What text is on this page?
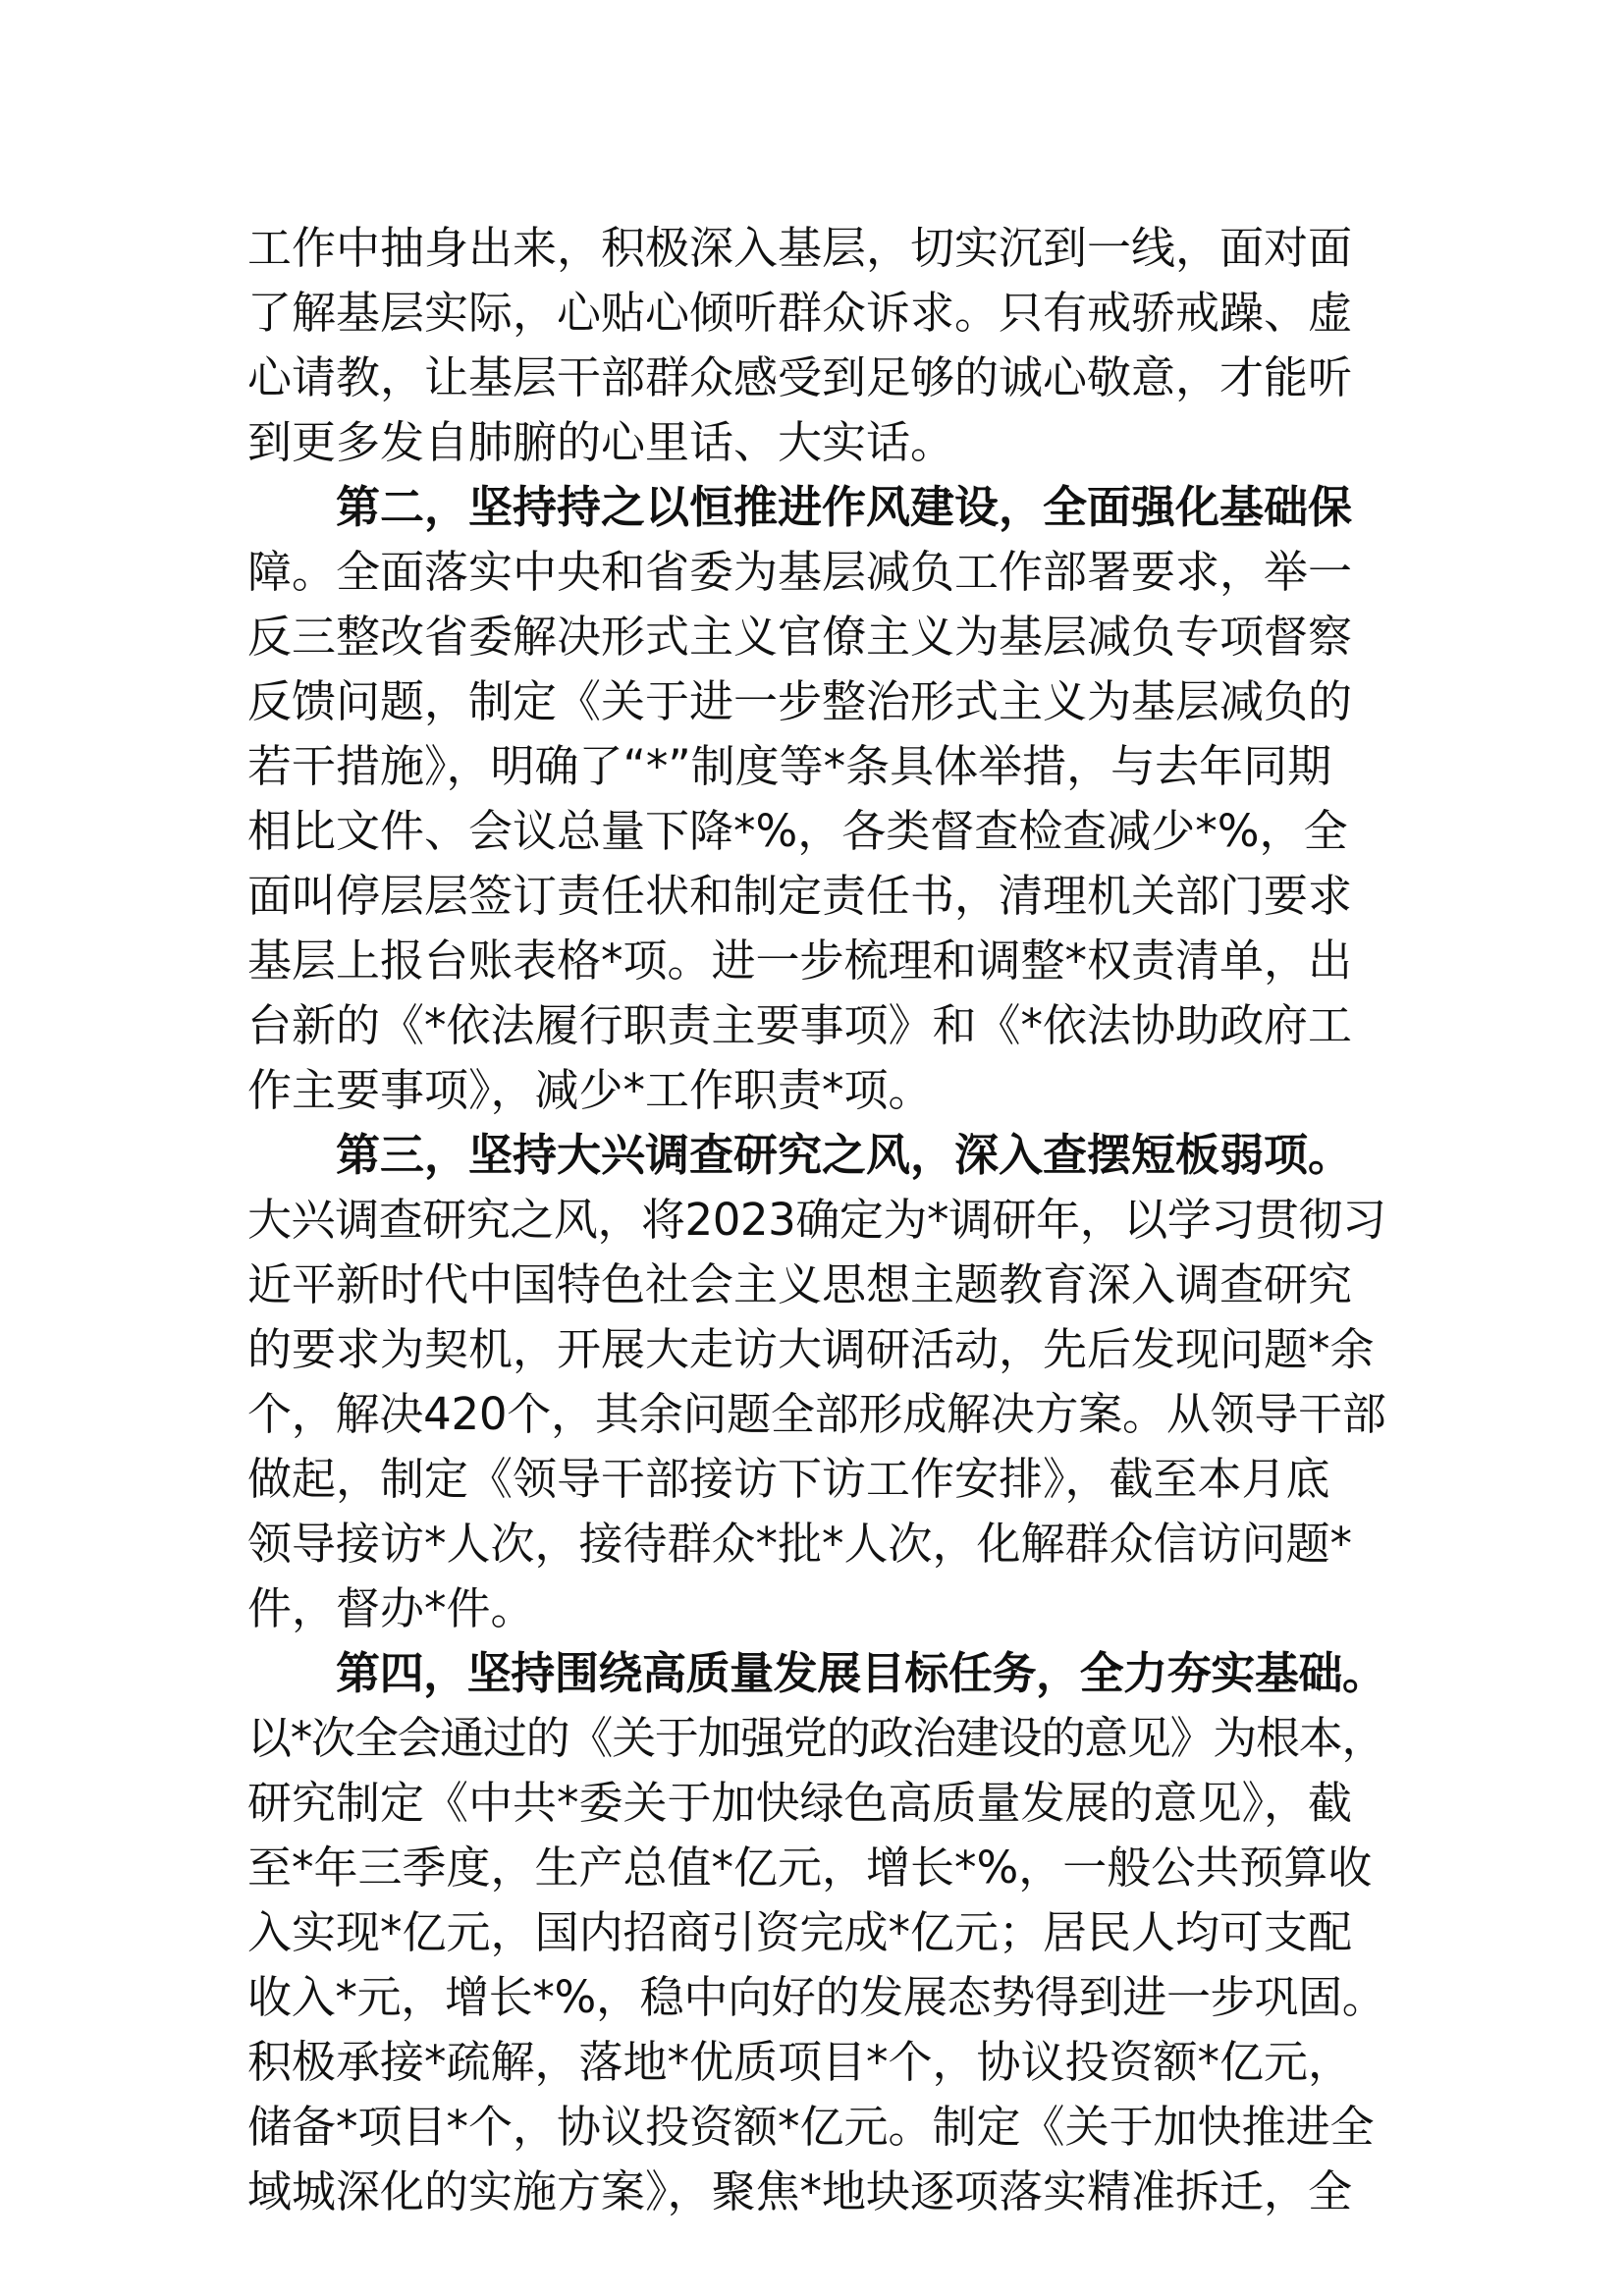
工作中抽身出来，积极深入基层，切实沉到一线，面对面
了解基层实际，心贴心倾听群众诉求。只有戒骄戒躁、虚
心请教，让基层干部群众感受到足够的诚心敬意，才能听
到更多发自肺腑的心里话、大实话。
第二，坚持持之以恒推进作风建设，全面强化基础保
障。全面落实中央和省委为基层减负工作部署要求，举一
反三整改省委解决形式主义官僚主义为基层减负专项督察
反馈问题，制定《关于进一步整治形式主义为基层减负的
若干措施》，明确了“*”制度等*条具体举措，与去年同期
相比文件、会议总量下降*%，各类督查检查减少*%，全
面叫停层层签订责任状和制定责任书，清理机关部门要求
基层上报台账表格*项。进一步梳理和调整*权责清单，出
台新的《*依法履行职责主要事项》和《*依法协助政府工
作主要事项》，减少*工作职责*项。
第三，坚持大兴调查研究之风，深入查摆短板弱项。
大兴调查研究之风，将2023确定为*调研年，以学习贯彻习
近平新时代中国特色社会主义思想主题教育深入调查研究
的要求为契机，开展大走访大调研活动，先后发现问题*余
个，解决420个，其余问题全部形成解决方案。从领导干部
做起，制定《领导干部接访下访工作安排》，截至本月底
领导接访*人次，接待群众*批*人次，化解群众信访问题*
件，督办*件。
第四，坚持围绕高质量发展目标任务，全力夯实基础。
以*次全会通过的《关于加强党的政治建设的意见》为根本，
研究制定《中共*委关于加快绿色高质量发展的意见》，截
至*年三季度，生产总值*亿元，增长*%，一般公共预算收
入实现*亿元，国内招商引资完成*亿元；居民人均可支配
收入*元，增长*%，稳中向好的发展态势得到进一步巩固。
积极承接*疏解，落地*优质项目*个，协议投资额*亿元，
储备*项目*个，协议投资额*亿元。制定《关于加快推进全
域城深化的实施方案》，聚焦*地块逐项落实精准拆迁，全
